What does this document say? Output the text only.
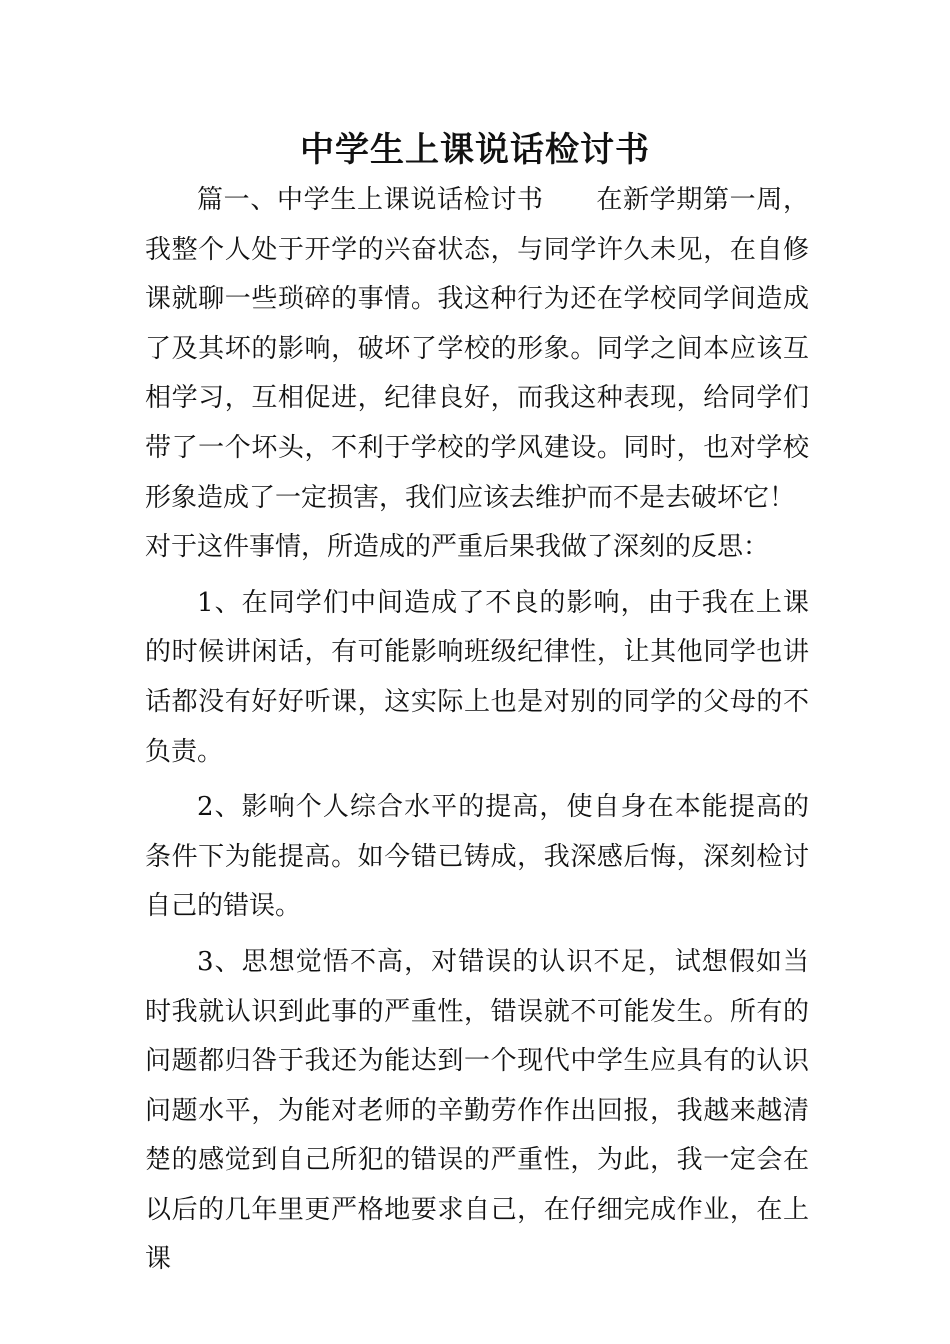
中学生上课说话检讨书

篇一、中学生上课说话检讨书 在新学期第一周，我整个人处于开学的兴奋状态，与同学许久未见，在自修课就聊一些琐碎的事情。我这种行为还在学校同学间造成了及其坏的影响，破坏了学校的形象。同学之间本应该互相学习，互相促进，纪律良好，而我这种表现，给同学们带了一个坏头，不利于学校的学风建设。同时，也对学校形象造成了一定损害，我们应该去维护而不是去破坏它！

对于这件事情，所造成的严重后果我做了深刻的反思：

1、在同学们中间造成了不良的影响，由于我在上课的时候讲闲话，有可能影响班级纪律性，让其他同学也讲话都没有好好听课，这实际上也是对别的同学的父母的不负责。

2、影响个人综合水平的提高，使自身在本能提高的条件下为能提高。如今错已铸成，我深感后悔，深刻检讨自己的错误。

3、思想觉悟不高，对错误的认识不足，试想假如当时我就认识到此事的严重性，错误就不可能发生。所有的问题都归咎于我还为能达到一个现代中学生应具有的认识问题水平，为能对老师的辛勤劳作作出回报，我越来越清楚的感觉到自己所犯的错误的严重性，为此，我一定会在以后的几年里更严格地要求自己，在仔细完成作业，在上课
